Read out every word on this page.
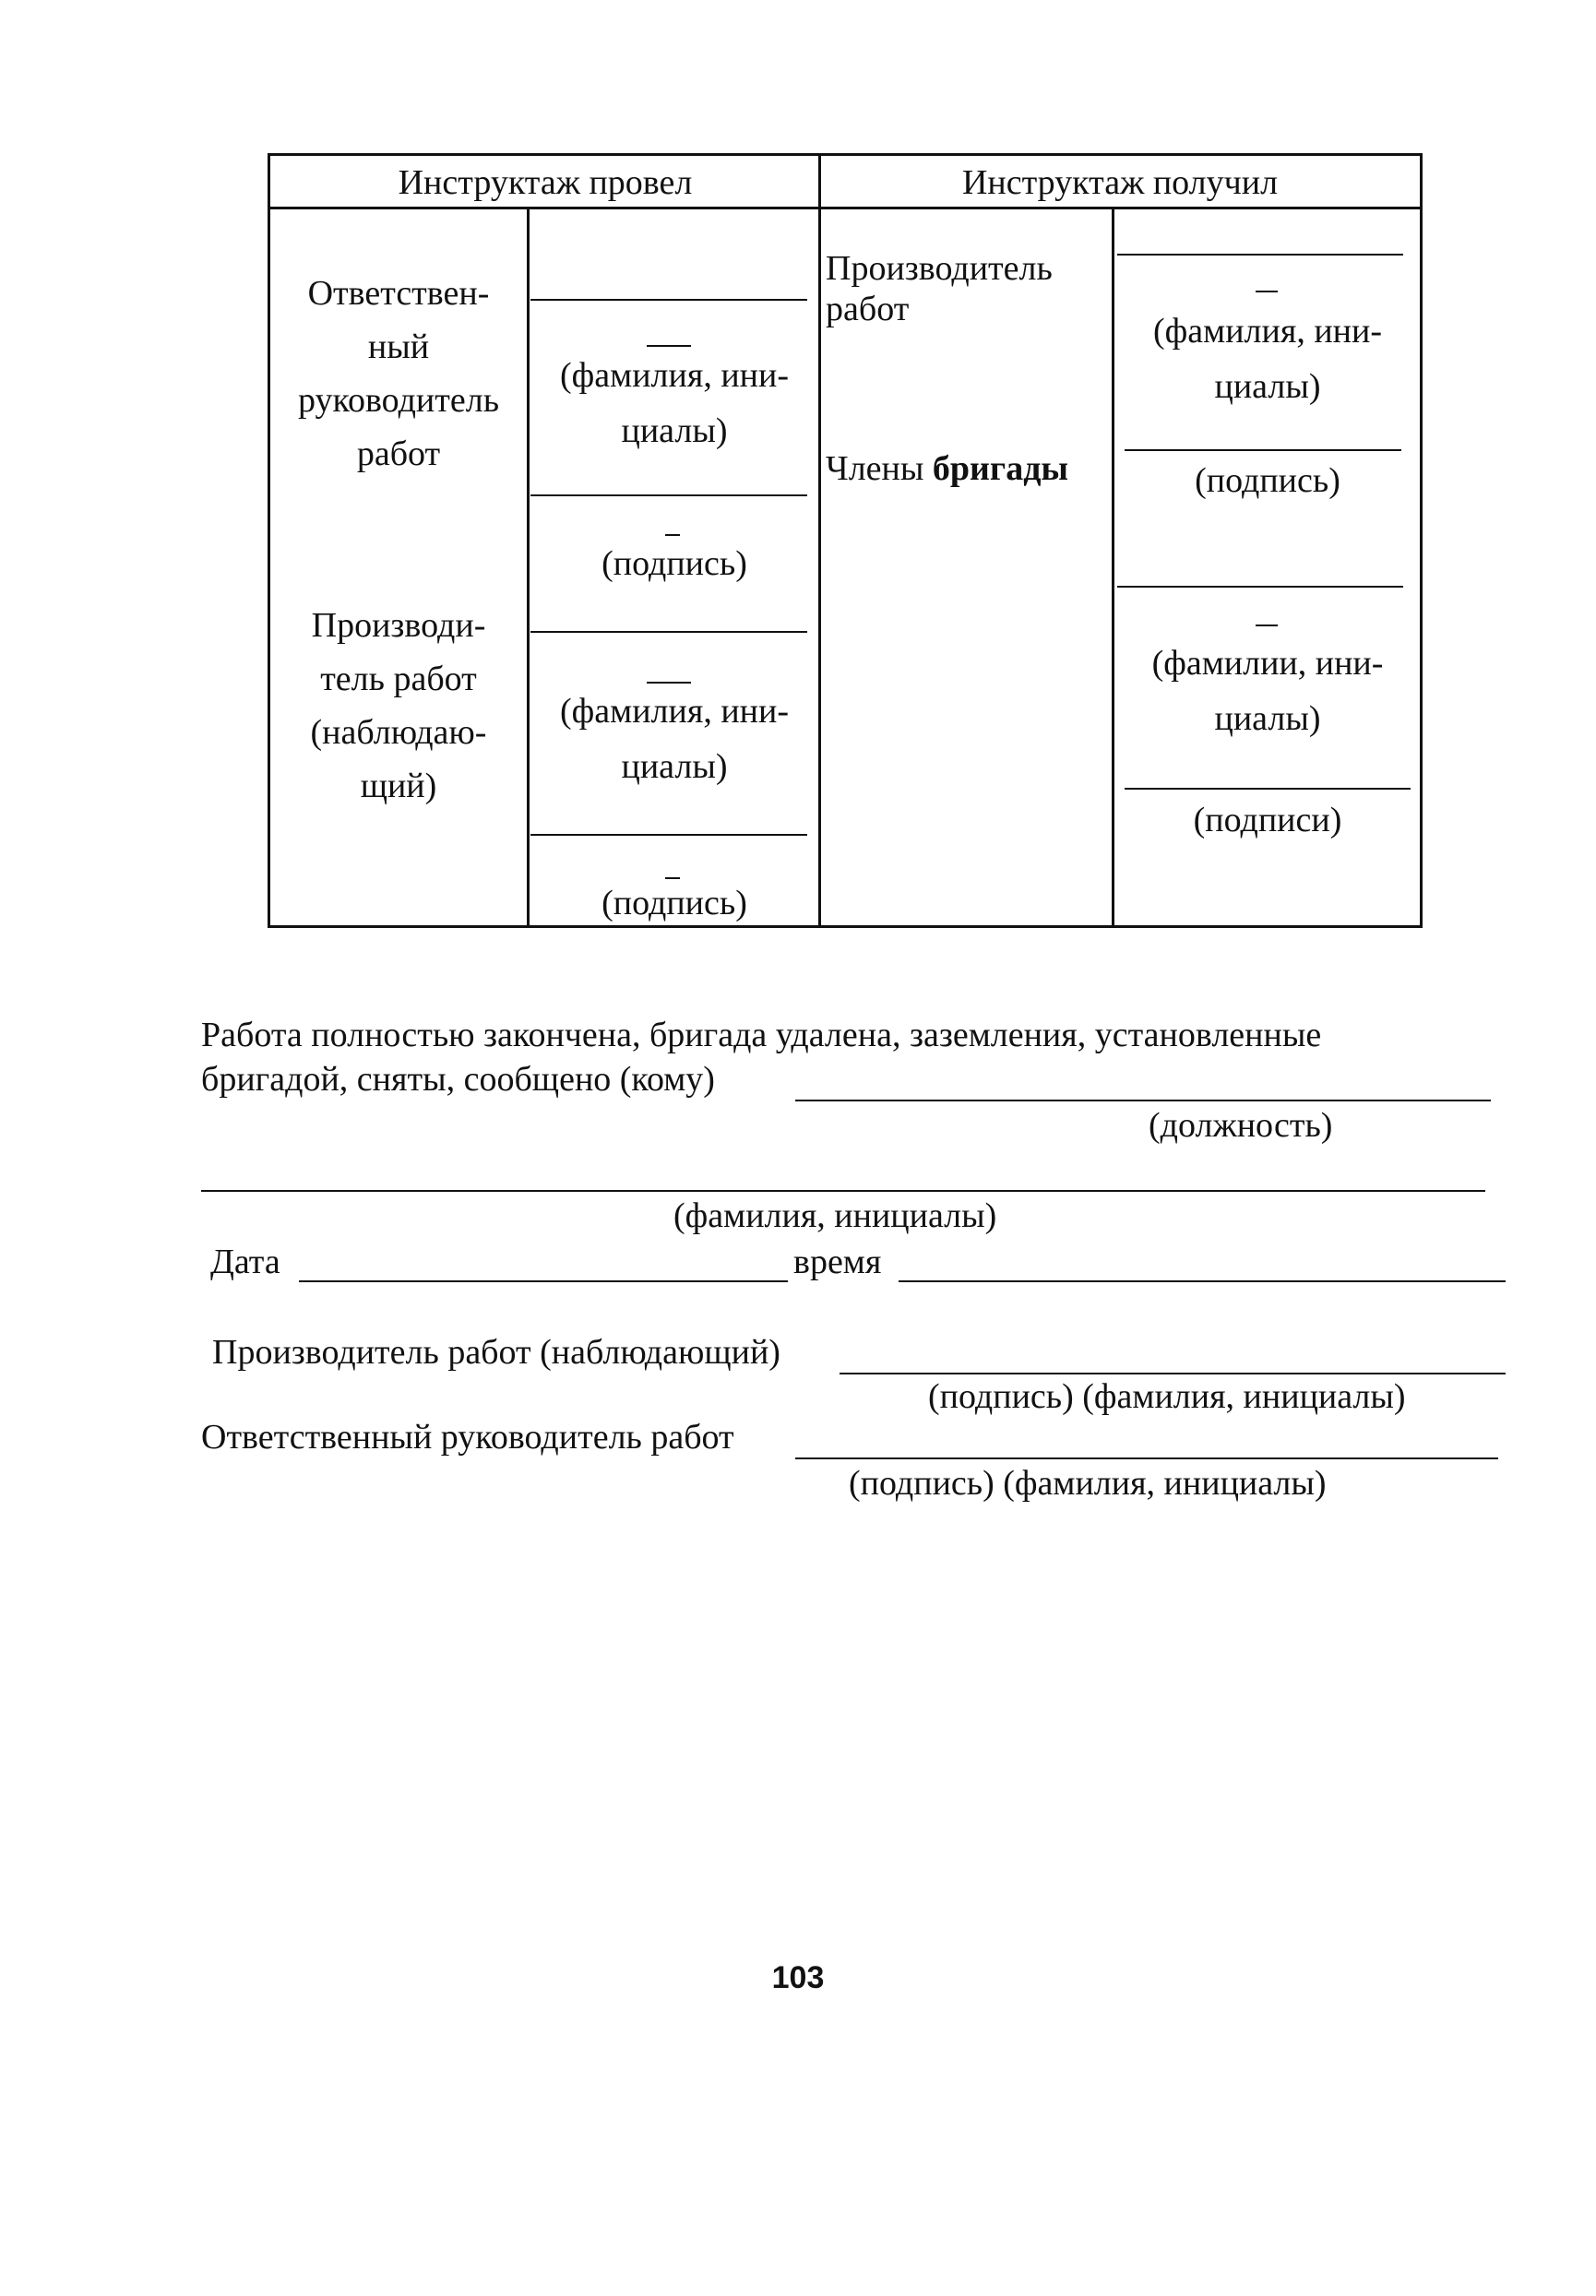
Инструктаж провел	Инструктаж получил
Ответствен-
ный
руководитель
работ
Производи-
тель работ
(наблюдаю-
щий)
(фамилия, ини-
циалы)
(подпись)
(фамилия, ини-
циалы)
(подпись)
Производитель
работ
Члены бригады
(фамилия, ини-
циалы)
(подпись)
(фамилии, ини-
циалы)
(подписи)
Работа полностью закончена, бригада удалена, заземления, установленные
бригадой, сняты, сообщено (кому)
(должность)
(фамилия, инициалы)
Дата	время
Производитель работ (наблюдающий)
(подпись) (фамилия, инициалы)
Ответственный руководитель работ
(подпись) (фамилия, инициалы)
103
